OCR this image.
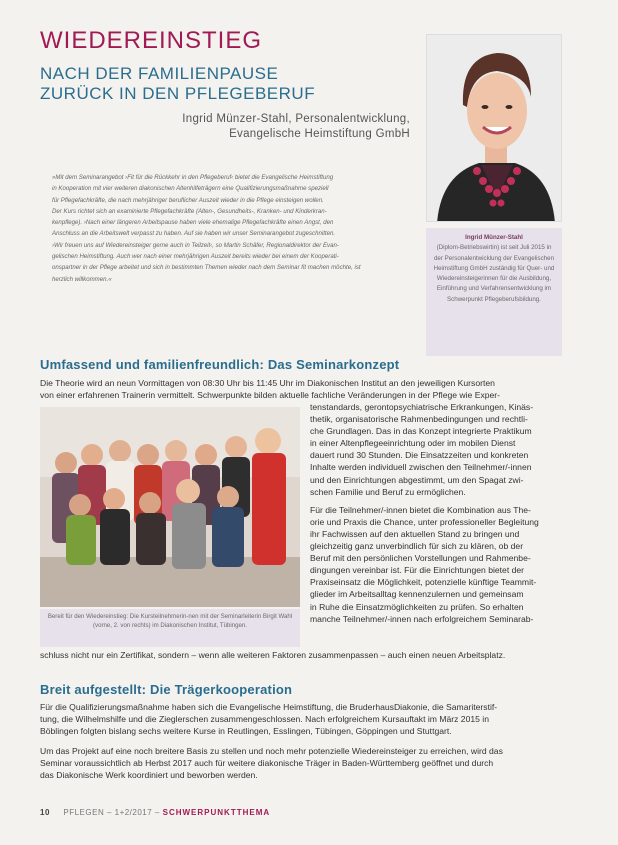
WIEDEREINSTIEG
NACH DER FAMILIENPAUSE
ZURÜCK IN DEN PFLEGEBERUF
Ingrid Münzer-Stahl, Personalentwicklung,
Evangelische Heimstiftung GmbH
Ingrid Münzer-Stahl
(Diplom-Betriebswirtin) ist seit Juli 2015 in der Personalentwicklung der Evangelischen Heimstiftung GmbH zuständig für Quer- und Wiedereinsteigerinnen für die Ausbildung, Einführung und Verfahrensentwicklung im Schwerpunkt Pflegeberufsbildung.

»Mit dem Seminarangebot ›Fit für die Rückkehr in den Pflegeberuf‹ bietet die Evangelische Heimstiftung

in Kooperation mit vier weiteren diakonischen Altenhilfeträgern eine Qualifizierungsmaßnahme speziell

für Pflegefachkräfte, die nach mehrjähriger beruflicher Auszeit wieder in die Pflege einsteigen wollen.

Der Kurs richtet sich an examinierte Pflegefachkräfte (Alten-, Gesundheits-, Kranken- und Kinderkran-

kenpflege). ›Nach einer längeren Arbeitspause haben viele ehemalige Pflegefachkräfte einen Angst, den

Anschluss an die Arbeitswelt verpasst zu haben. Auf sie haben wir unser Seminarangebot zugeschnitten.

›Wir freuen uns auf Wiedereinsteiger gerne auch in Teilzeit‹, so Martin Schäfer, Regionaldirektor der Evan-

gelischen Heimstiftung. Auch wer nach einer mehrjährigen Auszeit bereits wieder bei einem der Kooperati-

onspartner in der Pflege arbeitet und sich in bestimmten Themen wieder nach dem Seminar fit machen möchte, ist

herzlich willkommen.«

Umfassend und familienfreundlich: Das Seminarkonzept
Die Theorie wird an neun Vormittagen von 08:30 Uhr bis 11:45 Uhr im Diakonischen Institut an den jeweiligen Kursorten
von einer erfahrenen Trainerin vermittelt. Schwerpunkte bilden aktuelle fachliche Veränderungen in der Pflege wie Exper-
Bereit für den Wiedereinstieg: Die Kursteilnehmerin-nen mit der Seminarleiterin Birgit Wahl (vorne, 2. von rechts) im Diakonischen Institut, Tübingen.
tenstandards, gerontopsychiatrische Erkrankungen, Kinäs-
thetik, organisatorische Rahmenbedingungen und rechtli-
che Grundlagen. Das in das Konzept integrierte Praktikum
in einer Altenpflegeeinrichtung oder im mobilen Dienst
dauert rund 30 Stunden. Die Einsatzzeiten und konkreten
Inhalte werden individuell zwischen den Teilnehmer/-innen
und den Einrichtungen abgestimmt, um den Spagat zwi-
schen Familie und Beruf zu ermöglichen.
Für die Teilnehmer/-innen bietet die Kombination aus The-
orie und Praxis die Chance, unter professioneller Begleitung
ihr Fachwissen auf den aktuellen Stand zu bringen und
gleichzeitig ganz unverbindlich für sich zu klären, ob der
Beruf mit den persönlichen Vorstellungen und Rahmenbe-
dingungen vereinbar ist. Für die Einrichtungen bietet der
Praxiseinsatz die Möglichkeit, potenzielle künftige Teammit-
glieder im Arbeitsalltag kennenzulernen und gemeinsam
in Ruhe die Einsatzmöglichkeiten zu prüfen. So erhalten
manche Teilnehmer/-innen nach erfolgreichem Seminarab-
schluss nicht nur ein Zertifikat, sondern – wenn alle weiteren Faktoren zusammenpassen – auch einen neuen Arbeitsplatz.
Breit aufgestellt: Die Trägerkooperation
Für die Qualifizierungsmaßnahme haben sich die Evangelische Heimstiftung, die BruderhausDiakonie, die Samariterstif-
tung, die Wilhelmshilfe und die Zieglerschen zusammengeschlossen. Nach erfolgreichem Kursauftakt im März 2015 in
Böblingen folgten bislang sechs weitere Kurse in Reutlingen, Esslingen, Tübingen, Göppingen und Stuttgart.
Um das Projekt auf eine noch breitere Basis zu stellen und noch mehr potenzielle Wiedereinsteiger zu erreichen, wird das
Seminar voraussichtlich ab Herbst 2017 auch für weitere diakonische Träger in Baden-Württemberg geöffnet und durch
das Diakonische Werk koordiniert und beworben werden.
10 PFLEGEN – 1+2/2017 – SCHWERPUNKTTHEMA
